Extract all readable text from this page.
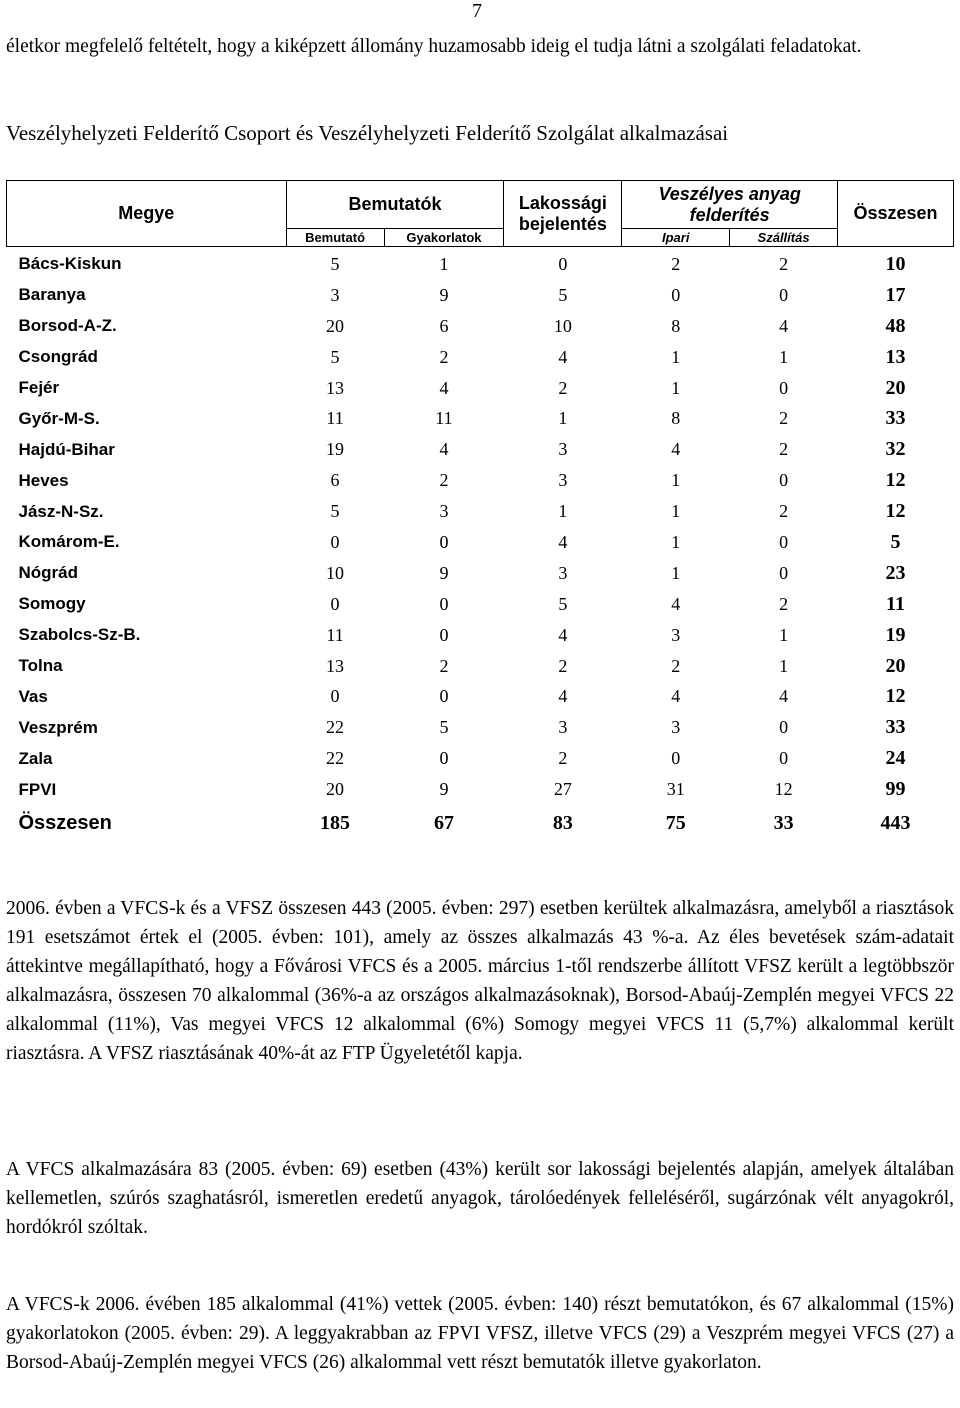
7

életkor megfelelő feltételt, hogy a kiképzett állomány huzamosabb ideig el tudja látni a szolgálati feladatokat.

Veszélyhelyzeti Felderítő Csoport és Veszélyhelyzeti Felderítő Szolgálat alkalmazásai
Megye	Bemutatók		Lakossági bejelentés	Veszélyes anyag felderítés		Összesen
	Bemutató	Gyakorlatok		Ipari	Szállítás	
Bács-Kiskun	5	1	0	2	2	10
Baranya	3	9	5	0	0	17
Borsod-A-Z.	20	6	10	8	4	48
Csongrád	5	2	4	1	1	13
Fejér	13	4	2	1	0	20
Győr-M-S.	11	11	1	8	2	33
Hajdú-Bihar	19	4	3	4	2	32
Heves	6	2	3	1	0	12
Jász-N-Sz.	5	3	1	1	2	12
Komárom-E.	0	0	4	1	0	5
Nógrád	10	9	3	1	0	23
Somogy	0	0	5	4	2	11
Szabolcs-Sz-B.	11	0	4	3	1	19
Tolna	13	2	2	2	1	20
Vas	0	0	4	4	4	12
Veszprém	22	5	3	3	0	33
Zala	22	0	2	0	0	24
FPVI	20	9	27	31	12	99
Összesen	185	67	83	75	33	443

2006. évben a VFCS-k és a VFSZ összesen 443 (2005. évben: 297) esetben kerültek alkalmazásra, amelyből a riasztások 191 esetszámot értek el (2005. évben: 101), amely az összes alkalmazás 43 %-a. Az éles bevetések szám-adatait áttekintve megállapítható, hogy a Fővárosi VFCS és a 2005. március 1-től rendszerbe állított VFSZ került a legtöbbször alkalmazásra, összesen 70 alkalommal (36%-a az országos alkalmazásoknak), Borsod-Abaúj-Zemplén megyei VFCS 22 alkalommal (11%), Vas megyei VFCS 12 alkalommal (6%) Somogy megyei VFCS 11 (5,7%) alkalommal került riasztásra. A VFSZ riasztásának 40%-át az FTP Ügyeletétől kapja.

A VFCS alkalmazására 83 (2005. évben: 69) esetben (43%) került sor lakossági bejelentés alapján, amelyek általában kellemetlen, szúrós szaghatásról, ismeretlen eredetű anyagok, tárolóedények felleléséről, sugárzónak vélt anyagokról, hordókról szóltak.

A VFCS-k 2006. évében 185 alkalommal (41%) vettek (2005. évben: 140) részt bemutatókon, és 67 alkalommal (15%) gyakorlatokon (2005. évben: 29). A leggyakrabban az FPVI VFSZ, illetve VFCS (29) a Veszprém megyei VFCS (27) a Borsod-Abaúj-Zemplén megyei VFCS (26) alkalommal vett részt bemutatók illetve gyakorlaton.
